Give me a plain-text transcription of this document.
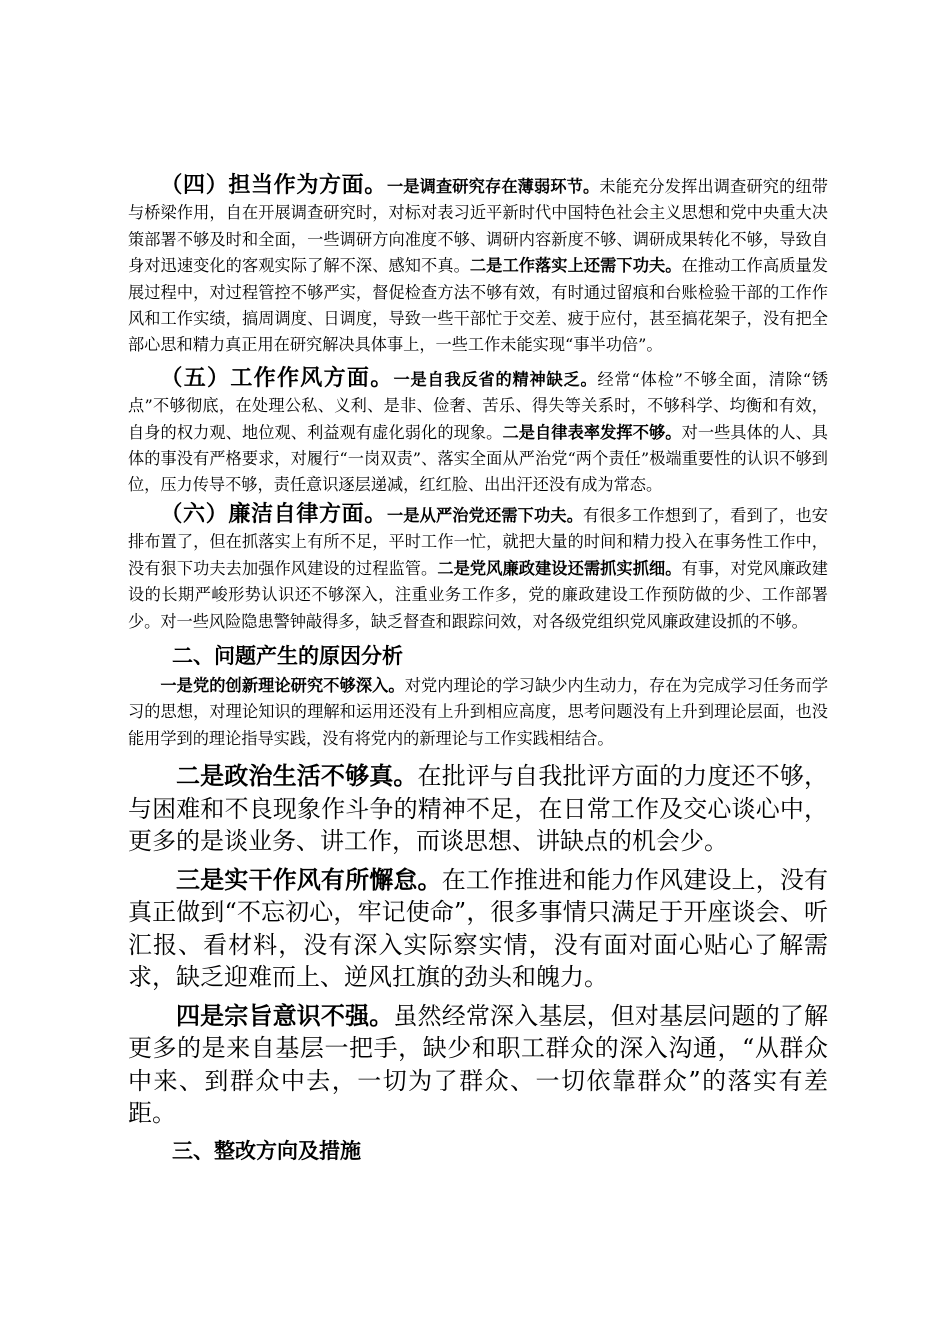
（四）担当作为方面。一是调查研究存在薄弱环节。未能充分发挥出调查研究的纽带与桥梁作用，自在开展调查研究时，对标对表习近平新时代中国特色社会主义思想和党中央重大决策部署不够及时和全面，一些调研方向准度不够、调研内容新度不够、调研成果转化不够，导致自身对迅速变化的客观实际了解不深、感知不真。二是工作落实上还需下功夫。在推动工作高质量发展过程中，对过程管控不够严实，督促检查方法不够有效，有时通过留痕和台账检验干部的工作作风和工作实绩，搞周调度、日调度，导致一些干部忙于交差、疲于应付，甚至搞花架子，没有把全部心思和精力真正用在研究解决具体事上，一些工作未能实现“事半功倍”。

（五）工作作风方面。一是自我反省的精神缺乏。经常“体检”不够全面，清除“锈点”不够彻底，在处理公私、义利、是非、俭奢、苦乐、得失等关系时，不够科学、均衡和有效，自身的权力观、地位观、利益观有虚化弱化的现象。二是自律表率发挥不够。对一些具体的人、具体的事没有严格要求，对履行“一岗双责”、落实全面从严治党“两个责任”极端重要性的认识不够到位，压力传导不够，责任意识逐层递减，红红脸、出出汗还没有成为常态。

（六）廉洁自律方面。一是从严治党还需下功夫。有很多工作想到了，看到了，也安排布置了，但在抓落实上有所不足，平时工作一忙，就把大量的时间和精力投入在事务性工作中，没有狠下功夫去加强作风建设的过程监管。二是党风廉政建设还需抓实抓细。有事，对党风廉政建设的长期严峻形势认识还不够深入，注重业务工作多，党的廉政建设工作预防做的少、工作部署少。对一些风险隐患警钟敲得多，缺乏督查和跟踪问效，对各级党组织党风廉政建设抓的不够。

二、问题产生的原因分析

一是党的创新理论研究不够深入。对党内理论的学习缺少内生动力，存在为完成学习任务而学习的思想，对理论知识的理解和运用还没有上升到相应高度，思考问题没有上升到理论层面，也没能用学到的理论指导实践，没有将党内的新理论与工作实践相结合。

二是政治生活不够真。在批评与自我批评方面的力度还不够，与困难和不良现象作斗争的精神不足，在日常工作及交心谈心中，更多的是谈业务、讲工作，而谈思想、讲缺点的机会少。

三是实干作风有所懈怠。在工作推进和能力作风建设上，没有真正做到“不忘初心，牢记使命”，很多事情只满足于开座谈会、听汇报、看材料，没有深入实际察实情，没有面对面心贴心了解需求，缺乏迎难而上、逆风扛旗的劲头和魄力。

四是宗旨意识不强。虽然经常深入基层，但对基层问题的了解更多的是来自基层一把手，缺少和职工群众的深入沟通，“从群众中来、到群众中去，一切为了群众、一切依靠群众”的落实有差距。

三、整改方向及措施
